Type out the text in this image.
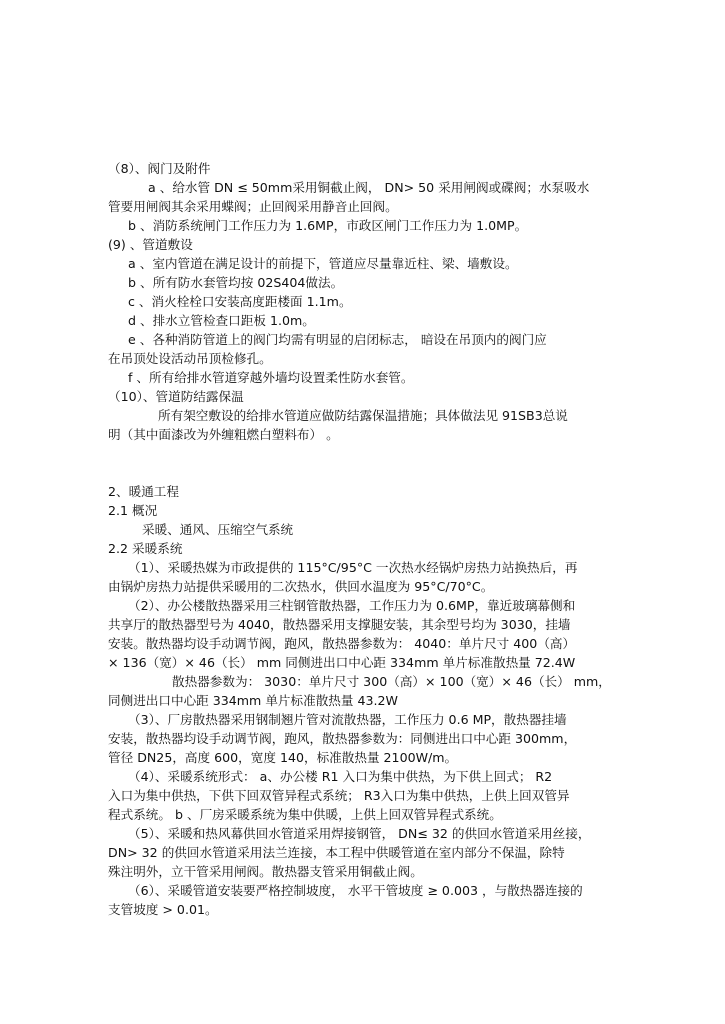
（8）、阀门及附件
a 、给水管 DN ≤ 50mm采用铜截止阀， DN> 50 采用闸阀或碟阀；水泵吸水
管要用闸阀其余采用蝶阀；止回阀采用静音止回阀。
b 、消防系统闸门工作压力为 1.6MP，市政区闸门工作压力为 1.0MP。
(9) 、管道敷设
a 、室内管道在满足设计的前提下，管道应尽量靠近柱、梁、墙敷设。
b 、所有防水套管均按 02S404做法。
c 、消火栓栓口安装高度距楼面 1.1m。
d 、排水立管检查口距板 1.0m。
e 、各种消防管道上的阀门均需有明显的启闭标志， 暗设在吊顶内的阀门应
在吊顶处设活动吊顶检修孔。
f 、所有给排水管道穿越外墙均设置柔性防水套管。
（10）、管道防结露保温
所有架空敷设的给排水管道应做防结露保温措施；具体做法见 91SB3总说
明（其中面漆改为外缠粗燃白塑料布） 。
2、暖通工程
2.1 概况
采暖、通风、压缩空气系统
2.2 采暖系统
（1）、采暖热媒为市政提供的 115°C/95°C 一次热水经锅炉房热力站换热后，再
由锅炉房热力站提供采暖用的二次热水，供回水温度为 95°C/70°C。
（2）、办公楼散热器采用三柱钢管散热器，工作压力为 0.6MP，靠近玻璃幕侧和
共享厅的散热器型号为 4040，散热器采用支撑腿安装，其余型号均为 3030，挂墙
安装。散热器均设手动调节阀，跑风，散热器参数为： 4040：单片尺寸 400（高）
× 136（宽）× 46（长） mm 同侧进出口中心距 334mm 单片标准散热量 72.4W
散热器参数为： 3030：单片尺寸 300（高）× 100（宽）× 46（长） mm，
同侧进出口中心距 334mm 单片标准散热量 43.2W
（3）、厂房散热器采用钢制翘片管对流散热器，工作压力 0.6 MP，散热器挂墙
安装，散热器均设手动调节阀，跑风，散热器参数为：同侧进出口中心距 300mm，
管径 DN25，高度 600，宽度 140，标准散热量 2100W/m。
（4）、采暖系统形式： a、办公楼 R1 入口为集中供热，为下供上回式； R2
入口为集中供热，下供下回双管异程式系统； R3入口为集中供热，上供上回双管异
程式系统。 b 、厂房采暖系统为集中供暖，上供上回双管异程式系统。
（5）、采暖和热风幕供回水管道采用焊接钢管， DN≤ 32 的供回水管道采用丝接，
DN> 32 的供回水管道采用法兰连接，本工程中供暖管道在室内部分不保温，除特
殊注明外，立干管采用闸阀。散热器支管采用铜截止阀。
（6）、采暖管道安装要严格控制坡度， 水平干管坡度 ≥ 0.003 ，与散热器连接的
支管坡度 > 0.01。
